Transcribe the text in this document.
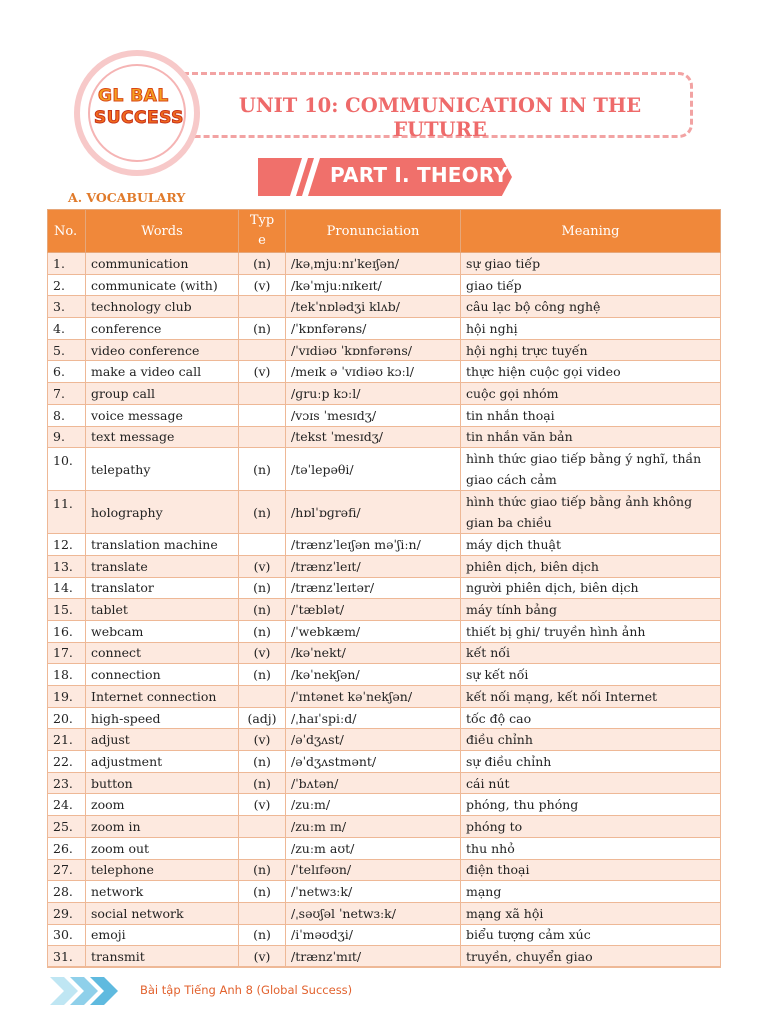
GL BAL
SUCCESS
UNIT 10: COMMUNICATION IN THE FUTURE
PART I. THEORY
A. VOCABULARY
No.	Words	Type	Pronunciation	Meaning
1.	communication	(n)	/kəˌmjuːnɪˈkeɪʃən/	sự giao tiếp
2.	communicate (with)	(v)	/kəˈmjuːnɪkeɪt/	giao tiếp
3.	technology club		/tekˈnɒlədʒi klʌb/	câu lạc bộ công nghệ
4.	conference	(n)	/ˈkɒnfərəns/	hội nghị
5.	video conference		/ˈvɪdiəʊ ˈkɒnfərəns/	hội nghị trực tuyến
6.	make a video call	(v)	/meɪk ə ˈvɪdiəʊ kɔːl/	thực hiện cuộc gọi video
7.	group call		/ɡruːp kɔːl/	cuộc gọi nhóm
8.	voice message		/vɔɪs ˈmesɪdʒ/	tin nhắn thoại
9.	text message		/tekst ˈmesɪdʒ/	tin nhắn văn bản
10.	telepathy	(n)	/təˈlepəθi/	hình thức giao tiếp bằng ý nghĩ, thần giao cách cảm
11.	holography	(n)	/hɒlˈɒɡrəfi/	hình thức giao tiếp bằng ảnh không gian ba chiều
12.	translation machine		/trænzˈleɪʃən məˈʃiːn/	máy dịch thuật
13.	translate	(v)	/trænzˈleɪt/	phiên dịch, biên dịch
14.	translator	(n)	/trænzˈleɪtər/	người phiên dịch, biên dịch
15.	tablet	(n)	/ˈtæblət/	máy tính bảng
16.	webcam	(n)	/ˈwebkæm/	thiết bị ghi/ truyền hình ảnh
17.	connect	(v)	/kəˈnekt/	kết nối
18.	connection	(n)	/kəˈnekʃən/	sự kết nối
19.	Internet connection		/ˈɪntənet kəˈnekʃən/	kết nối mạng, kết nối Internet
20.	high-speed	(adj)	/ˌhaɪˈspiːd/	tốc độ cao
21.	adjust	(v)	/əˈdʒʌst/	điều chỉnh
22.	adjustment	(n)	/əˈdʒʌstmənt/	sự điều chỉnh
23.	button	(n)	/ˈbʌtən/	cái nút
24.	zoom	(v)	/zuːm/	phóng, thu phóng
25.	zoom in		/zuːm ɪn/	phóng to
26.	zoom out		/zuːm aʊt/	thu nhỏ
27.	telephone	(n)	/ˈtelɪfəʊn/	điện thoại
28.	network	(n)	/ˈnetwɜːk/	mạng
29.	social network		/ˌsəʊʃəl ˈnetwɜːk/	mạng xã hội
30.	emoji	(n)	/iˈməʊdʒi/	biểu tượng cảm xúc
31.	transmit	(v)	/trænzˈmɪt/	truyền, chuyển giao
Bài tập Tiếng Anh 8 (Global Success)
